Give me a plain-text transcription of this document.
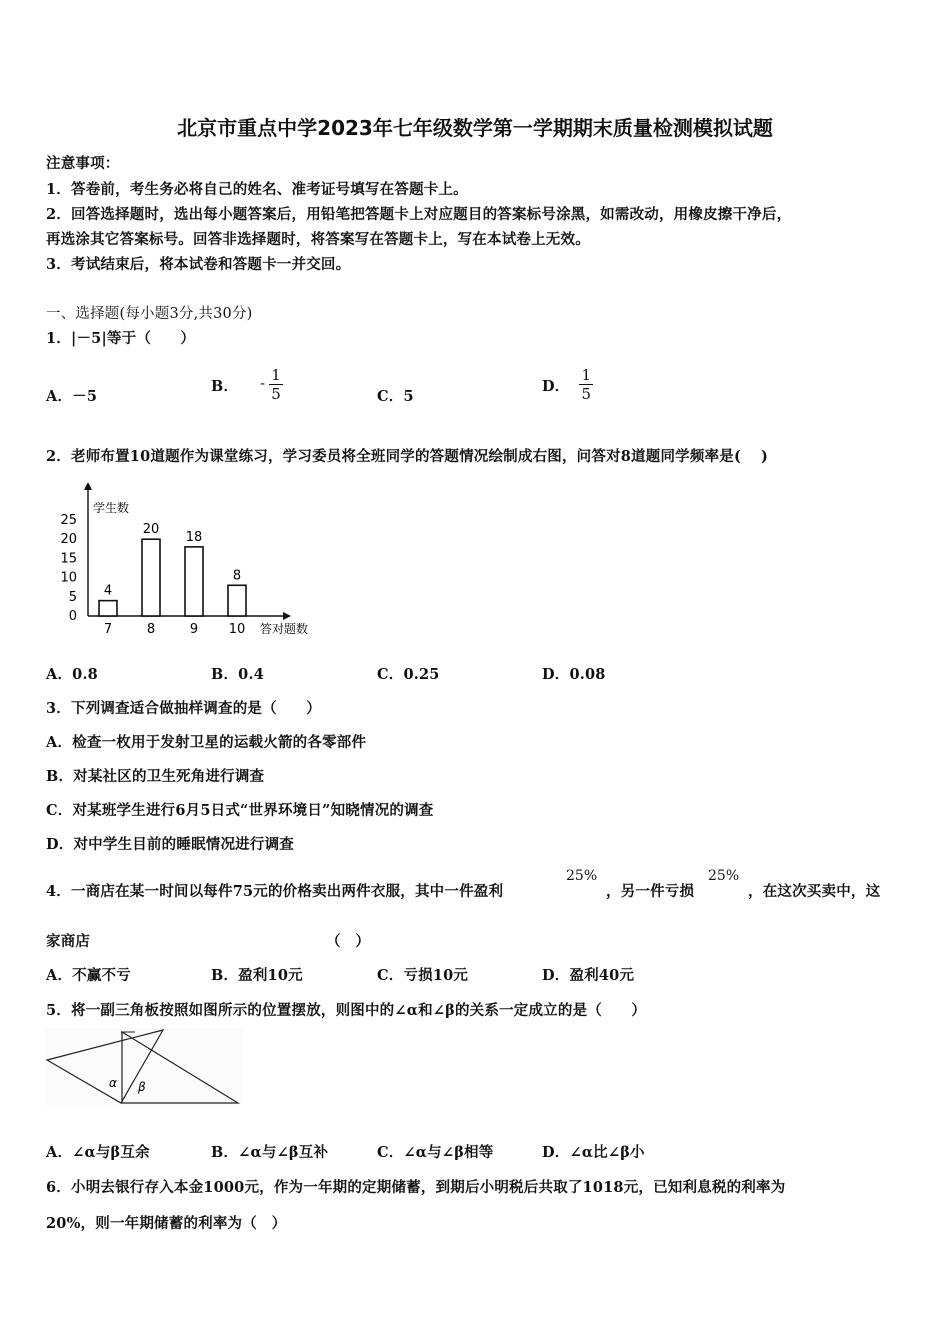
北京市重点中学2023年七年级数学第一学期期末质量检测模拟试题
注意事项：
1．答卷前，考生务必将自己的姓名、准考证号填写在答题卡上。
2．回答选择题时，选出每小题答案后，用铅笔把答题卡上对应题目的答案标号涂黑，如需改动，用橡皮擦干净后，
再选涂其它答案标号。回答非选择题时，将答案写在答题卡上，写在本试卷上无效。
3．考试结束后，将本试卷和答题卡一并交回。
一、选择题(每小题3分,共30分)
1．|－5|等于（　　）
A．－5
B． - $\frac{1}{5}$	C．5
D． $\frac{1}{5}$
2．老师布置10道题作为课堂练习，学习委员将全班同学的答题情况绘制成右图，问答对8道题同学频率是(　 )
学生数
答对题数
0
5
10
15
20
25
4
7
20
8
18
9
8
10
A．0.8	B．0.4	C．0.25	D．0.08
3．下列调查适合做抽样调查的是（　　）
A．检查一枚用于发射卫星的运载火箭的各零部件
B．对某社区的卫生死角进行调查
C．对某班学生进行6月5日式“世界环境日”知晓情况的调查
D．对中学生目前的睡眠情况进行调查
4．一商店在某一时间以每件75元的价格卖出两件衣服，其中一件盈利
25%
，另一件亏损
25%
，在这次买卖中，这
家商店	（　）
A．不赢不亏	B．盈利10元	C．亏损10元	D．盈利40元
5．将一副三角板按照如图所示的位置摆放，则图中的∠α和∠β的关系一定成立的是（　　）
α β
A．∠α与β互余	B．∠α与∠β互补	C．∠α与∠β相等	D．∠α比∠β小
6．小明去银行存入本金1000元，作为一年期的定期储蓄，到期后小明税后共取了1018元，已知利息税的利率为
20%，则一年期储蓄的利率为（　）
